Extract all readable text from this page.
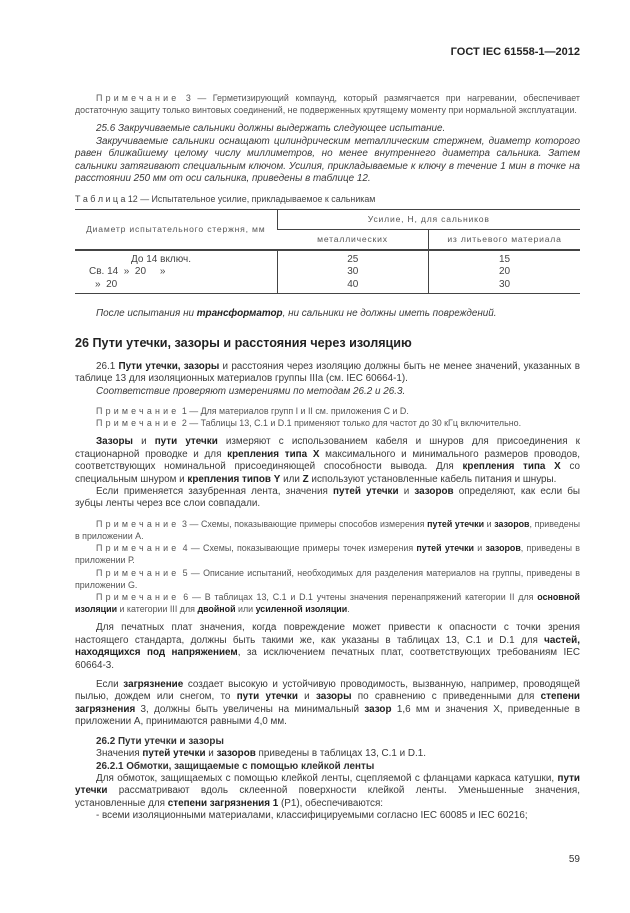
ГОСТ IEC 61558-1—2012

Примечание 3 — Герметизирующий компаунд, который размягчается при нагревании, обеспечивает достаточную защиту только винтовых соединений, не подверженных крутящему моменту при нормальной эксплуатации.

25.6 Закручиваемые сальники должны выдержать следующее испытание.

Закручиваемые сальники оснащают цилиндрическим металлическим стержнем, диаметр которого равен ближайшему целому числу миллиметров, но менее внутреннего диаметра сальника. Затем сальники затягивают специальным ключом. Усилия, прикладываемые к ключу в течение 1 мин в точке на расстоянии 250 мм от оси сальника, приведены в таблице 12.

Т а б л и ц а 12 — Испытательное усилие, прикладываемое к сальникам

Диаметр испытательного стержня, мм	Усилие, Н, для сальников	
	металлических	из литьевого материала
До 14 включ.	25	15
Св. 14  »  20     »	30	20
»  20	40	30

После испытания ни трансформатор, ни сальники не должны иметь повреждений.

26 Пути утечки, зазоры и расстояния через изоляцию

26.1 Пути утечки, зазоры и расстояния через изоляцию должны быть не менее значений, указанных в таблице 13 для изоляционных материалов группы IIIa (см. IEC 60664-1).

Соответствие проверяют измерениями по методам 26.2 и 26.3.

Примечание 1 — Для материалов групп I и II см. приложения С и D.

Примечание 2 — Таблицы 13, С.1 и D.1 применяют только для частот до 30 кГц включительно.

Зазоры и пути утечки измеряют с использованием кабеля и шнуров для присоединения к стационарной проводке и для крепления типа X максимального и минимального размеров проводов, соответствующих номинальной присоединяющей способности вывода. Для крепления типа X со специальным шнуром и крепления типов Y или Z используют установленные кабель питания и шнуры.

Если применяется зазубренная лента, значения путей утечки и зазоров определяют, как если бы зубцы ленты через все слои совпадали.

Примечание 3 — Схемы, показывающие примеры способов измерения путей утечки и зазоров, приведены в приложении А.

Примечание 4 — Схемы, показывающие примеры точек измерения путей утечки и зазоров, приведены в приложении Р.

Примечание 5 — Описание испытаний, необходимых для разделения материалов на группы, приведены в приложении G.

Примечание 6 — В таблицах 13, С.1 и D.1 учтены значения перенапряжений категории II для основной изоляции и категории III для двойной или усиленной изоляции.

Для печатных плат значения, когда повреждение может привести к опасности с точки зрения настоящего стандарта, должны быть такими же, как указаны в таблицах 13, С.1 и D.1 для частей, находящихся под напряжением, за исключением печатных плат, соответствующих требованиям IEC 60664-3.

Если загрязнение создает высокую и устойчивую проводимость, вызванную, например, проводящей пылью, дождем или снегом, то пути утечки и зазоры по сравнению с приведенными для степени загрязнения 3, должны быть увеличены на минимальный зазор 1,6 мм и значения X, приведенные в приложении А, принимаются равными 4,0 мм.

26.2 Пути утечки и зазоры

Значения путей утечки и зазоров приведены в таблицах 13, С.1 и D.1.

26.2.1 Обмотки, защищаемые с помощью клейкой ленты

Для обмоток, защищаемых с помощью клейкой ленты, сцепляемой с фланцами каркаса катушки, пути утечки рассматривают вдоль склеенной поверхности клейкой ленты. Уменьшенные значения, установленные для степени загрязнения 1 (Р1), обеспечиваются:

- всеми изоляционными материалами, классифицируемыми согласно IEC 60085 и IEC 60216;

59
